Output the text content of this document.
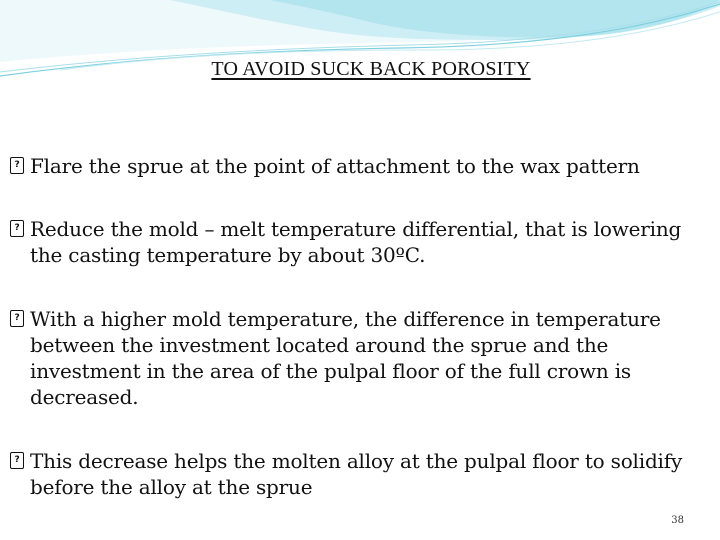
TO AVOID SUCK BACK POROSITY
? Flare the sprue at the point of attachment to the wax pattern
? Reduce the mold – melt temperature differential, that is lowering the casting temperature by about 30ºC.
? With a higher mold temperature, the difference in temperature between the investment located around the sprue and the investment in the area of the pulpal floor of the full crown is decreased.
? This decrease helps the molten alloy at the pulpal floor to solidify before the alloy at the sprue
38
